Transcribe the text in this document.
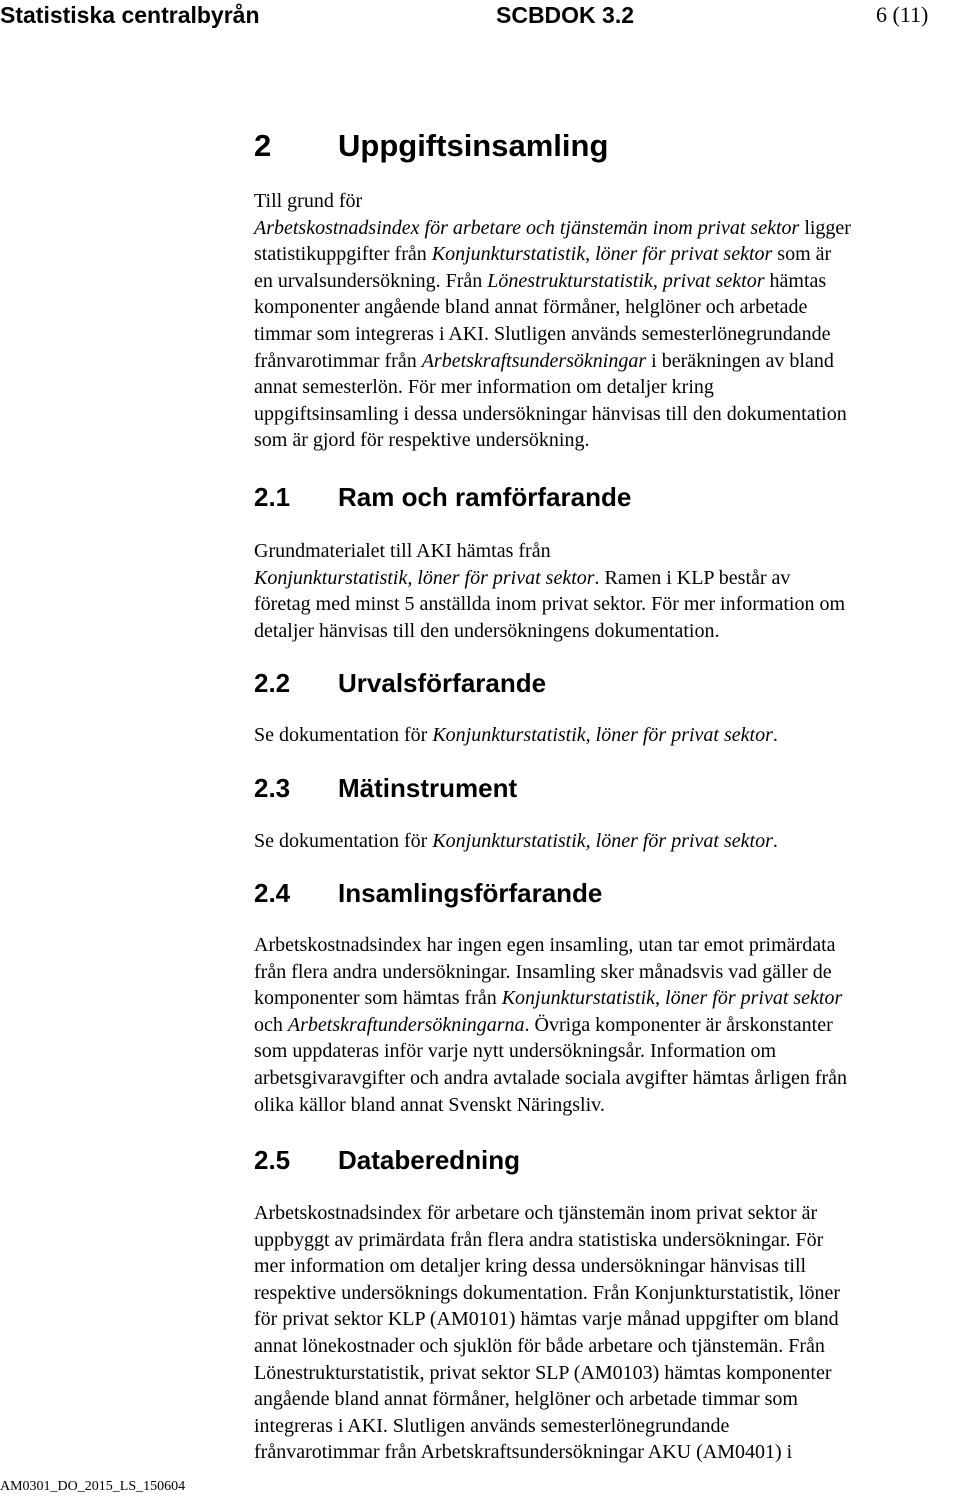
Statistiska centralbyrån	SCBDOK 3.2	6 (11)
2 Uppgiftsinsamling
Till grund för
Arbetskostnadsindex för arbetare och tjänstemän inom privat sektor ligger
statistikuppgifter från Konjunkturstatistik, löner för privat sektor som är
en urvalsundersökning. Från Lönestrukturstatistik, privat sektor hämtas
komponenter angående bland annat förmåner, helglöner och arbetade
timmar som integreras i AKI. Slutligen används semesterlönegrundande
frånvarotimmar från Arbetskraftsundersökningar i beräkningen av bland
annat semesterlön. För mer information om detaljer kring
uppgiftsinsamling i dessa undersökningar hänvisas till den dokumentation
som är gjord för respektive undersökning.
2.1 Ram och ramförfarande
Grundmaterialet till AKI hämtas från
Konjunkturstatistik, löner för privat sektor. Ramen i KLP består av
företag med minst 5 anställda inom privat sektor. För mer information om
detaljer hänvisas till den undersökningens dokumentation.
2.2 Urvalsförfarande
Se dokumentation för Konjunkturstatistik, löner för privat sektor.
2.3 Mätinstrument
Se dokumentation för Konjunkturstatistik, löner för privat sektor.
2.4 Insamlingsförfarande
Arbetskostnadsindex har ingen egen insamling, utan tar emot primärdata
från flera andra undersökningar. Insamling sker månadsvis vad gäller de
komponenter som hämtas från Konjunkturstatistik, löner för privat sektor
och Arbetskraftundersökningarna. Övriga komponenter är årskonstanter
som uppdateras inför varje nytt undersökningsår. Information om
arbetsgivaravgifter och andra avtalade sociala avgifter hämtas årligen från
olika källor bland annat Svenskt Näringsliv.
2.5 Databeredning
Arbetskostnadsindex för arbetare och tjänstemän inom privat sektor är
uppbyggt av primärdata från flera andra statistiska undersökningar. För
mer information om detaljer kring dessa undersökningar hänvisas till
respektive undersöknings dokumentation. Från Konjunkturstatistik, löner
för privat sektor KLP (AM0101) hämtas varje månad uppgifter om bland
annat lönekostnader och sjuklön för både arbetare och tjänstemän. Från
Lönestrukturstatistik, privat sektor SLP (AM0103) hämtas komponenter
angående bland annat förmåner, helglöner och arbetade timmar som
integreras i AKI. Slutligen används semesterlönegrundande
frånvarotimmar från Arbetskraftsundersökningar AKU (AM0401) i
AM0301_DO_2015_LS_150604
